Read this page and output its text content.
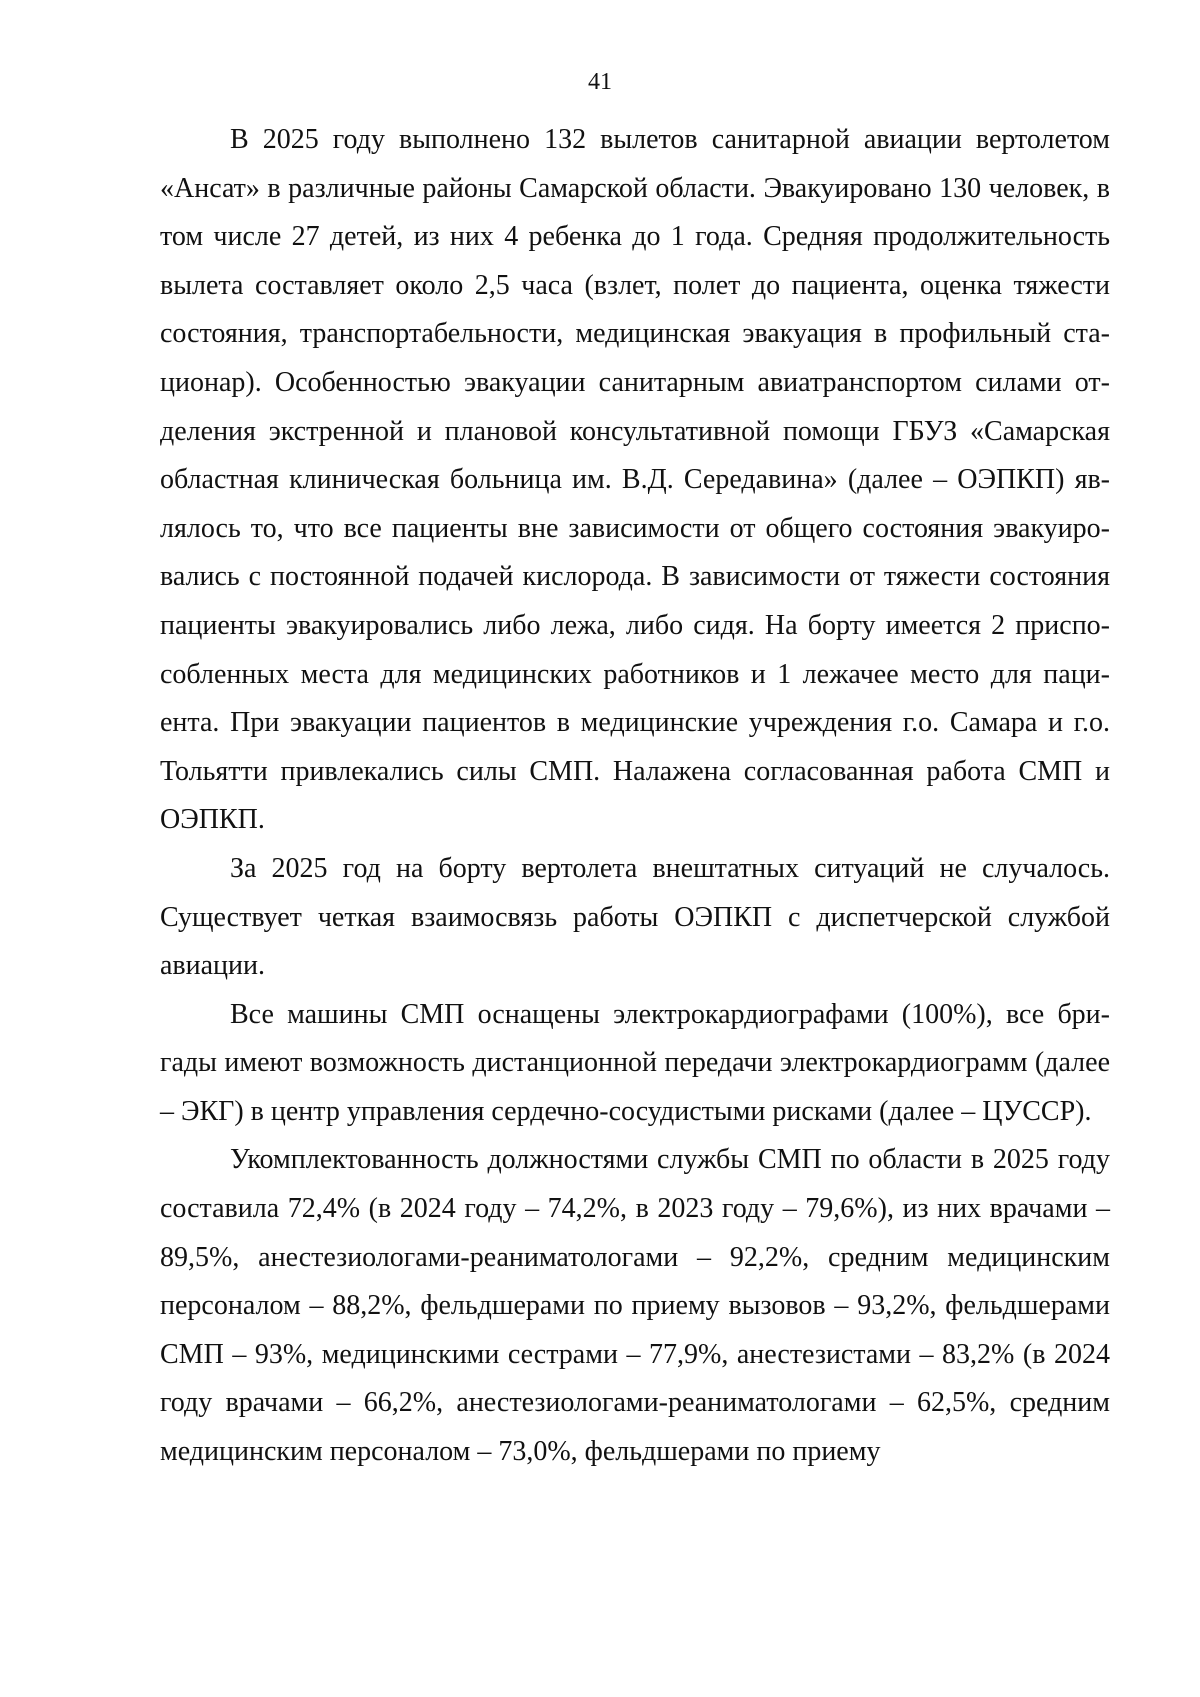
41

В 2025 году выполнено 132 вылетов санитарной авиации вертолетом «Ансат» в различные районы Самарской области. Эвакуировано 130 человек, в том числе 27 детей, из них 4 ребенка до 1 года. Средняя продолжительность вылета составляет около 2,5 часа (взлет, полет до пациента, оценка тяжести состояния, транспортабельности, медицинская эвакуация в профильный стационар). Особенностью эвакуации санитарным авиатранспортом силами отделения экстренной и плановой консультативной помощи ГБУЗ «Самарская областная клиническая больница им. В.Д. Середавина» (далее – ОЭПКП) являлось то, что все пациенты вне зависимости от общего состояния эвакуировались с постоянной подачей кислорода. В зависимости от тяжести состояния пациенты эвакуировались либо лежа, либо сидя. На борту имеется 2 приспособленных места для медицинских работников и 1 лежачее место для пациента. При эвакуации пациентов в медицинские учреждения г.о. Самара и г.о. Тольятти привлекались силы СМП. Налажена согласованная работа СМП и ОЭПКП.

За 2025 год на борту вертолета внештатных ситуаций не случалось. Существует четкая взаимосвязь работы ОЭПКП с диспетчерской службой авиации.

Все машины СМП оснащены электрокардиографами (100%), все бригады имеют возможность дистанционной передачи электрокардиограмм (далее – ЭКГ) в центр управления сердечно-сосудистыми рисками (далее – ЦУССР).

Укомплектованность должностями службы СМП по области в 2025 году составила 72,4% (в 2024 году – 74,2%, в 2023 году – 79,6%), из них врачами – 89,5%, анестезиологами-реаниматологами – 92,2%, средним медицинским персоналом – 88,2%, фельдшерами по приему вызовов – 93,2%, фельдшерами СМП – 93%, медицинскими сестрами – 77,9%, анестезистами – 83,2% (в 2024 году врачами – 66,2%, анестезиологами-реаниматологами – 62,5%, средним медицинским персоналом – 73,0%, фельдшерами по приему
